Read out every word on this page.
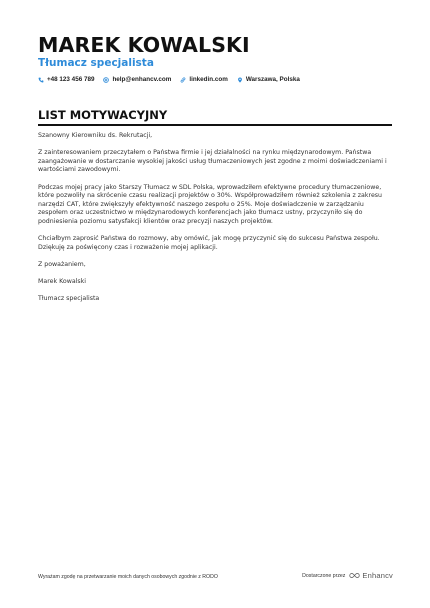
MAREK KOWALSKI
Tłumacz specjalista
+48 123 456 789	help@enhancv.com	linkedin.com	Warszawa, Polska
LIST MOTYWACYJNY

Szanowny Kierowniku ds. Rekrutacji,

Z zainteresowaniem przeczytałem o Państwa firmie i jej działalności na rynku międzynarodowym. Państwa zaangażowanie w dostarczanie wysokiej jakości usług tłumaczeniowych jest zgodne z moimi doświadczeniami i wartościami zawodowymi.

Podczas mojej pracy jako Starszy Tłumacz w SDL Polska, wprowadziłem efektywne procedury tłumaczeniowe, które pozwoliły na skrócenie czasu realizacji projektów o 30%. Współprowadziłem również szkolenia z zakresu narzędzi CAT, które zwiększyły efektywność naszego zespołu o 25%. Moje doświadczenie w zarządzaniu zespołem oraz uczestnictwo w międzynarodowych konferencjach jako tłumacz ustny, przyczyniło się do podniesienia poziomu satysfakcji klientów oraz precyzji naszych projektów.

Chciałbym zaprosić Państwa do rozmowy, aby omówić, jak mogę przyczynić się do sukcesu Państwa zespołu. Dziękuję za poświęcony czas i rozważenie mojej aplikacji.

Z poważaniem,

Marek Kowalski

Tłumacz specjalista

Wyrażam zgodę na przetwarzanie moich danych osobowych zgodnie z RODO	Dostarczone przez Enhancv
